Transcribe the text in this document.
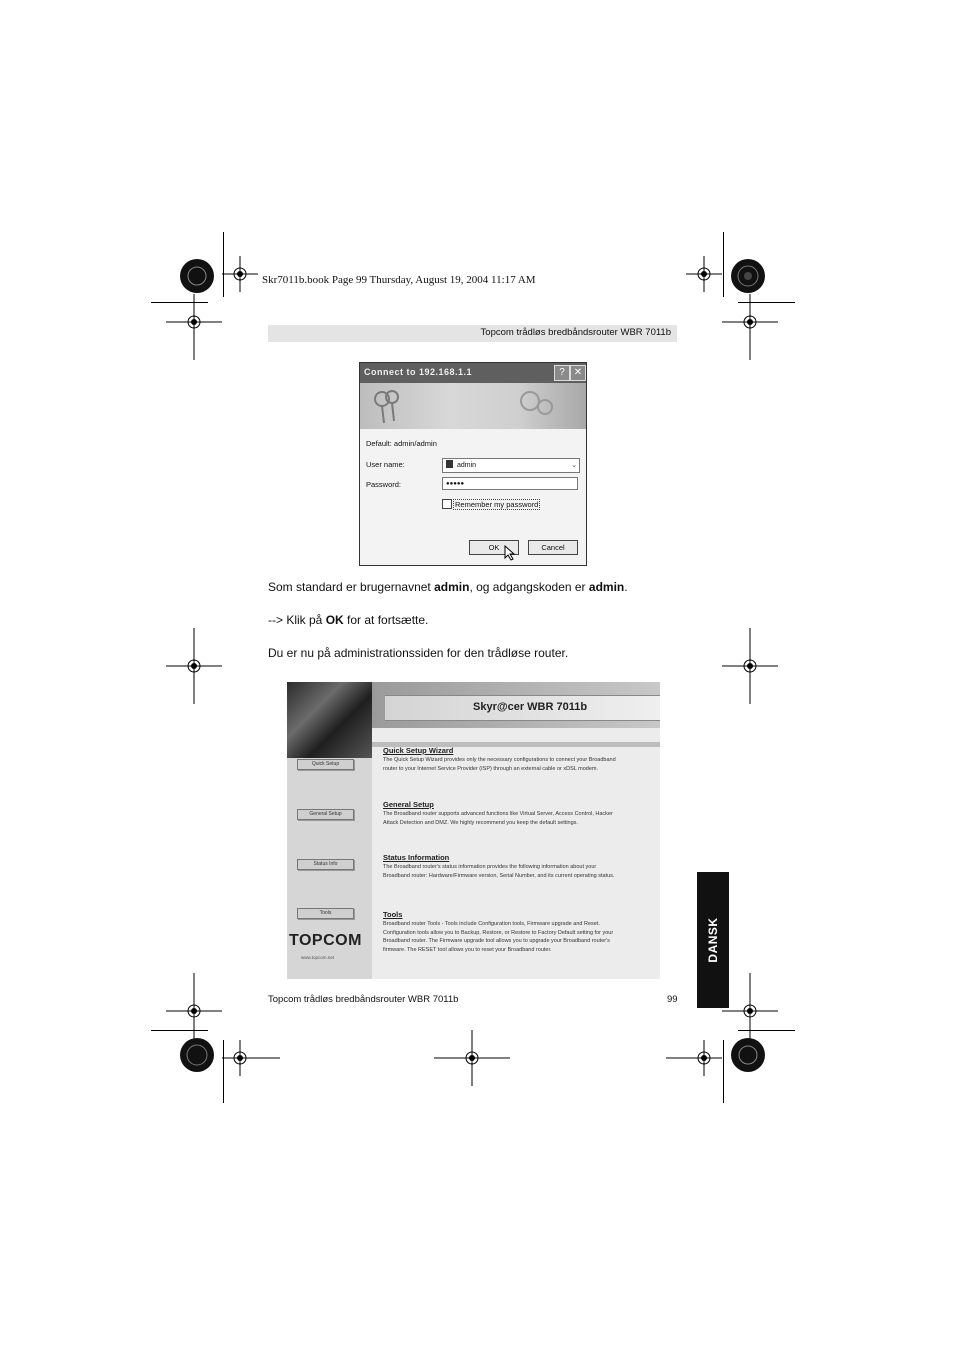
Skr7011b.book Page 99 Thursday, August 19, 2004 11:17 AM
Topcom trådløs bredbåndsrouter WBR 7011b
Connect to 192.168.1.1	? ✕
Default: admin/admin
User name:	admin	⌄
Password:	●●●●●
Remember my password
OK	Cancel
Som standard er brugernavnet admin, og adgangskoden er admin.
--> Klik på OK for at fortsætte.
Du er nu på administrationssiden for den trådløse router.
Skyr@cer WBR 7011b
Quick Setup
General Setup
Status Info
Tools
TOPCOM
www.topcom.net
Quick Setup Wizard
The Quick Setup Wizard provides only the necessary configurations to connect your Broadband router to your Internet Service Provider (ISP) through an external cable or xDSL modem.
General Setup
The Broadband router supports advanced functions like Virtual Server, Access Control, Hacker Attack Detection and DMZ. We highly recommend you keep the default settings.
Status Information
The Broadband router's status information provides the following information about your Broadband router: Hardware/Firmware version, Serial Number, and its current operating status.
Tools
Broadband router Tools - Tools include Configuration tools, Firmware upgrade and Reset. Configuration tools allow you to Backup, Restore, or Restore to Factory Default setting for your Broadband router. The Firmware upgrade tool allows you to upgrade your Broadband router's firmware. The RESET tool allows you to reset your Broadband router.	DANSK
Topcom trådløs bredbåndsrouter WBR 7011b	99
